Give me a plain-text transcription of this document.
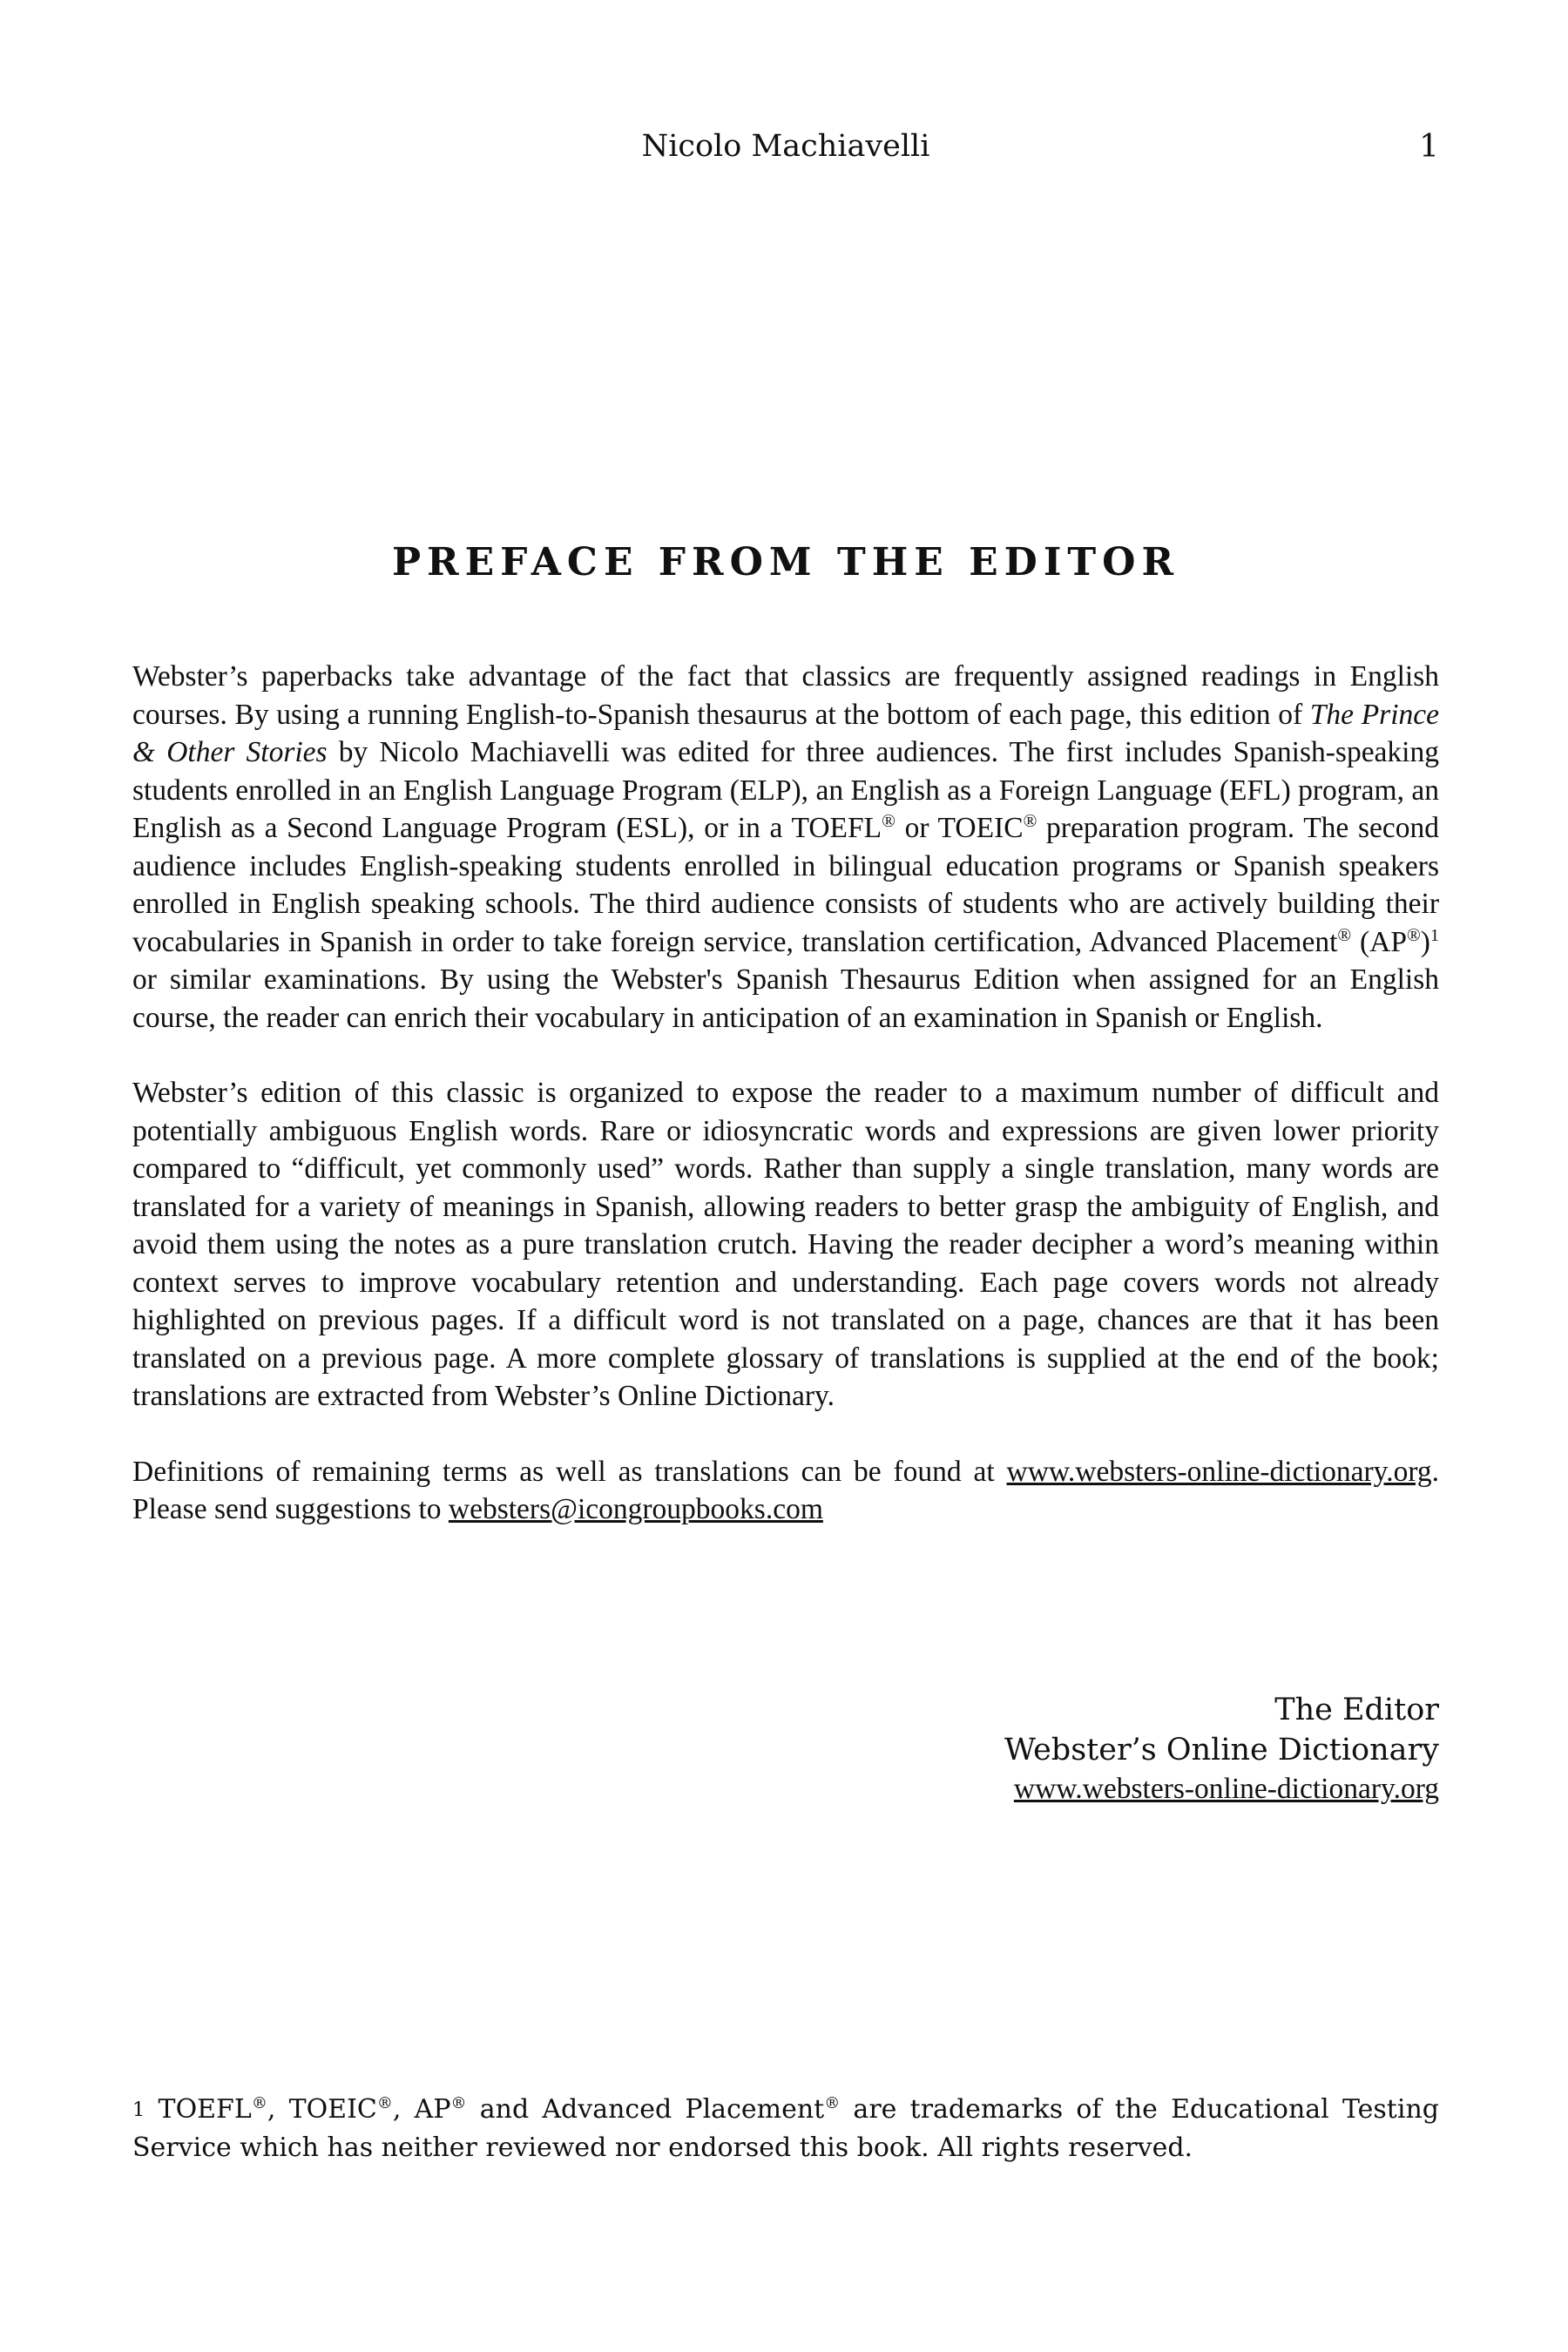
Nicolo Machiavelli	1
PREFACE FROM THE EDITOR

Webster’s paperbacks take advantage of the fact that classics are frequently assigned readings in English courses. By using a running English-to-Spanish thesaurus at the bottom of each page, this edition of The Prince & Other Stories by Nicolo Machiavelli was edited for three audiences. The first includes Spanish-speaking students enrolled in an English Language Program (ELP), an English as a Foreign Language (EFL) program, an English as a Second Language Program (ESL), or in a TOEFL® or TOEIC® preparation program. The second audience includes English-speaking students enrolled in bilingual education programs or Spanish speakers enrolled in English speaking schools. The third audience consists of students who are actively building their vocabularies in Spanish in order to take foreign service, translation certification, Advanced Placement® (AP®)$^1$ or similar examinations. By using the Webster's Spanish Thesaurus Edition when assigned for an English course, the reader can enrich their vocabulary in anticipation of an examination in Spanish or English.

Webster’s edition of this classic is organized to expose the reader to a maximum number of difficult and potentially ambiguous English words. Rare or idiosyncratic words and expressions are given lower priority compared to “difficult, yet commonly used” words. Rather than supply a single translation, many words are translated for a variety of meanings in Spanish, allowing readers to better grasp the ambiguity of English, and avoid them using the notes as a pure translation crutch. Having the reader decipher a word’s meaning within context serves to improve vocabulary retention and understanding. Each page covers words not already highlighted on previous pages. If a difficult word is not translated on a page, chances are that it has been translated on a previous page. A more complete glossary of translations is supplied at the end of the book; translations are extracted from Webster’s Online Dictionary.

Definitions of remaining terms as well as translations can be found at www.websters-online-dictionary.org. Please send suggestions to websters@icongroupbooks.com

The Editor
Webster’s Online Dictionary
www.websters-online-dictionary.org
$^1$ TOEFL®, TOEIC®, AP® and Advanced Placement® are trademarks of the Educational Testing Service which has neither reviewed nor endorsed this book. All rights reserved.
